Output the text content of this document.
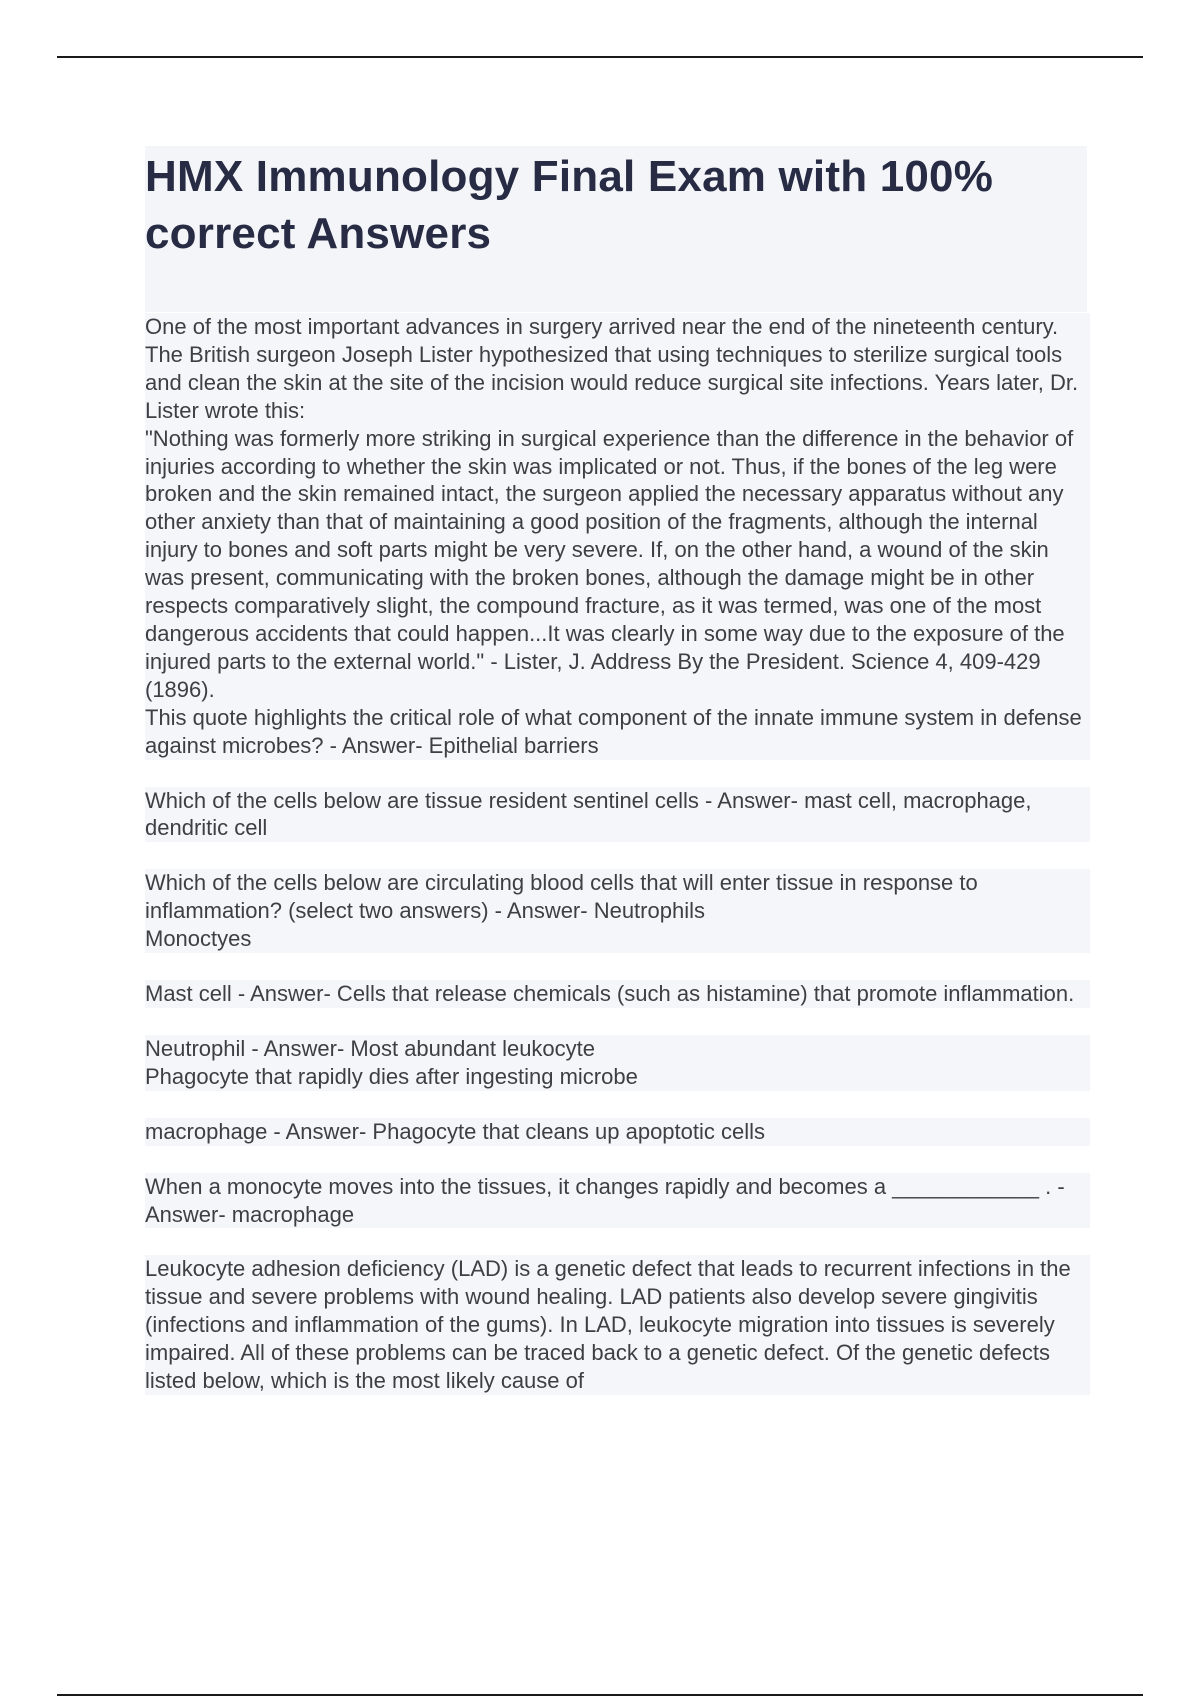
HMX Immunology Final Exam with 100% correct Answers

One of the most important advances in surgery arrived near the end of the nineteenth century. The British surgeon Joseph Lister hypothesized that using techniques to sterilize surgical tools and clean the skin at the site of the incision would reduce surgical site infections. Years later, Dr. Lister wrote this:
"Nothing was formerly more striking in surgical experience than the difference in the behavior of injuries according to whether the skin was implicated or not. Thus, if the bones of the leg were broken and the skin remained intact, the surgeon applied the necessary apparatus without any other anxiety than that of maintaining a good position of the fragments, although the internal injury to bones and soft parts might be very severe. If, on the other hand, a wound of the skin was present, communicating with the broken bones, although the damage might be in other respects comparatively slight, the compound fracture, as it was termed, was one of the most dangerous accidents that could happen...It was clearly in some way due to the exposure of the injured parts to the external world." - Lister, J. Address By the President. Science 4, 409-429 (1896).
This quote highlights the critical role of what component of the innate immune system in defense against microbes? - Answer- Epithelial barriers

Which of the cells below are tissue resident sentinel cells - Answer- mast cell, macrophage, dendritic cell

Which of the cells below are circulating blood cells that will enter tissue in response to inflammation? (select two answers) - Answer- Neutrophils
Monoctyes

Mast cell - Answer- Cells that release chemicals (such as histamine) that promote inflammation.

Neutrophil - Answer- Most abundant leukocyte
Phagocyte that rapidly dies after ingesting microbe

macrophage - Answer- Phagocyte that cleans up apoptotic cells

When a monocyte moves into the tissues, it changes rapidly and becomes a ____________ . - Answer- macrophage

Leukocyte adhesion deficiency (LAD) is a genetic defect that leads to recurrent infections in the tissue and severe problems with wound healing. LAD patients also develop severe gingivitis (infections and inflammation of the gums). In LAD, leukocyte migration into tissues is severely impaired. All of these problems can be traced back to a genetic defect. Of the genetic defects listed below, which is the most likely cause of
